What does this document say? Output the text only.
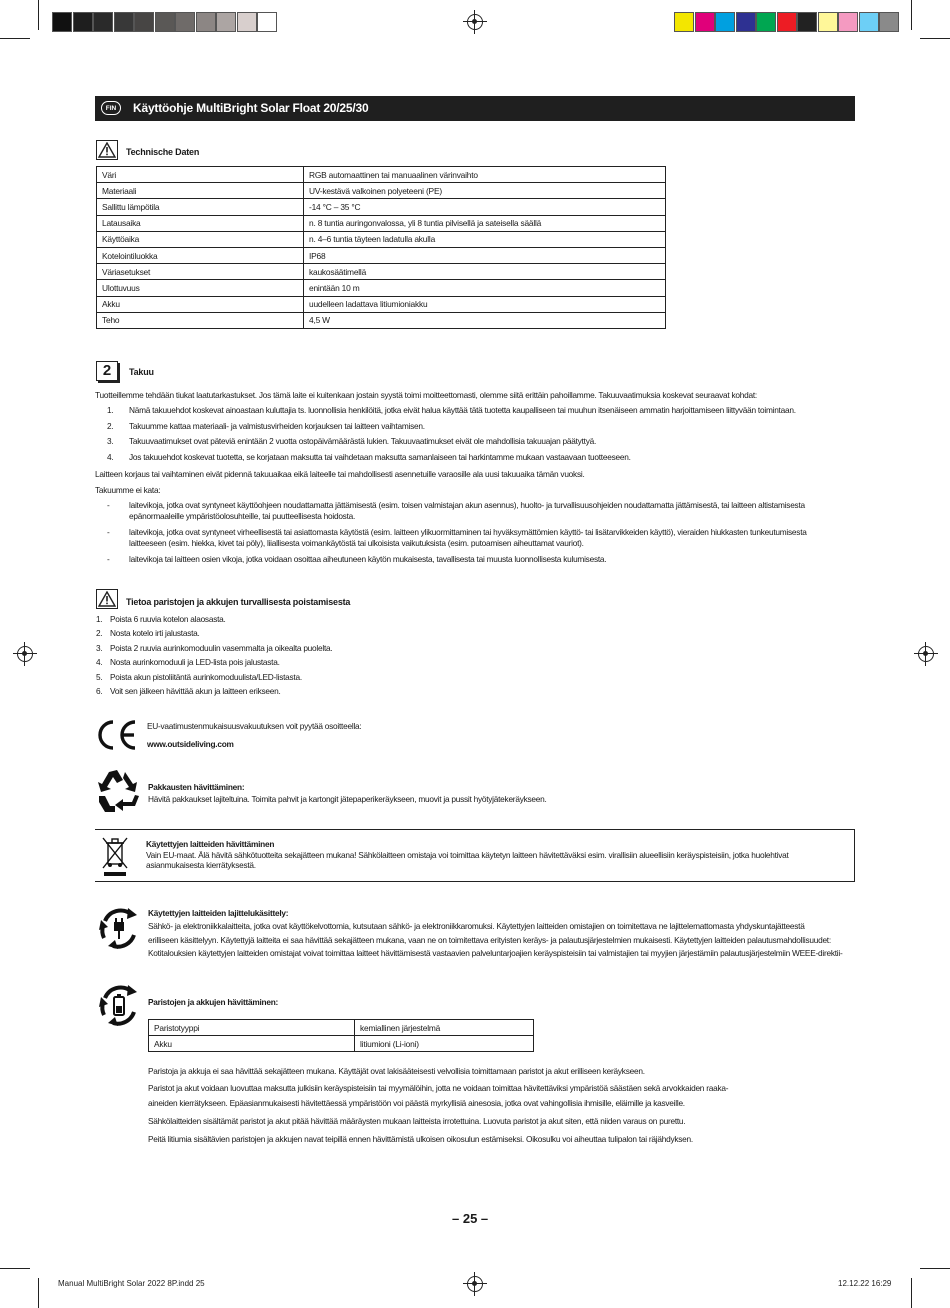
FIN	Käyttöohje MultiBright Solar Float 20/25/30
Technische Daten
Väri	RGB automaattinen tai manuaalinen värinvaihto
Materiaali	UV-kestävä valkoinen polyeteeni (PE)
Sallittu lämpötila	-14 °C – 35 °C
Latausaika	n. 8 tuntia auringonvalossa, yli 8 tuntia pilvisellä ja sateisella säällä
Käyttöaika	n. 4–6 tuntia täyteen ladatulla akulla
Kotelointiluokka	IP68
Väriasetukset	kaukosäätimellä
Ulottuvuus	enintään 10 m
Akku	uudelleen ladattava litiumioniakku
Teho	4,5 W
2	Takuu
Tuotteillemme tehdään tiukat laatutarkastukset. Jos tämä laite ei kuitenkaan jostain syystä toimi moitteettomasti, olemme siitä erittäin pahoillamme. Takuuvaatimuksia koskevat seuraavat kohdat:
1. Nämä takuuehdot koskevat ainoastaan kuluttajia ts. luonnollisia henkilöitä, jotka eivät halua käyttää tätä tuotetta kaupalliseen tai muuhun itsenäiseen ammatin harjoittamiseen liittyvään toimintaan.
2. Takuumme kattaa materiaali- ja valmistusvirheiden korjauksen tai laitteen vaihtamisen.
3. Takuuvaatimukset ovat päteviä enintään 2 vuotta ostopäivämäärästä lukien. Takuuvaatimukset eivät ole mahdollisia takuuajan päätyttyä.
4. Jos takuuehdot koskevat tuotetta, se korjataan maksutta tai vaihdetaan maksutta samanlaiseen tai harkintamme mukaan vastaavaan tuotteeseen.
Laitteen korjaus tai vaihtaminen eivät pidennä takuuaikaa eikä laiteelle tai mahdollisesti asennetuille varaosille ala uusi takuuaika tämän vuoksi.
Takuumme ei kata:
- laitevikoja, jotka ovat syntyneet käyttöohjeen noudattamatta jättämisestä (esim. toisen valmistajan akun asennus), huolto- ja turvallisuusohjeiden noudattamatta jättämisestä, tai laitteen altistamisesta
epänormaaleille ympäristöolosuhteille, tai puutteellisesta hoidosta.
- laitevikoja, jotka ovat syntyneet virheellisestä tai asiattomasta käytöstä (esim. laitteen ylikuormittaminen tai hyväksymättömien käyttö- tai lisätarvikkeiden käyttö), vieraiden hiukkasten tunkeutumisesta
laitteeseen (esim. hiekka, kivet tai pöly), liiallisesta voimankäytöstä tai ulkoisista vaikutuksista (esim. putoamisen aiheuttamat vauriot).
- laitevikoja tai laitteen osien vikoja, jotka voidaan osoittaa aiheutuneen käytön mukaisesta, tavallisesta tai muusta luonnollisesta kulumisesta.
Tietoa paristojen ja akkujen turvallisesta poistamisesta
1. Poista 6 ruuvia kotelon alaosasta.
2. Nosta kotelo irti jalustasta.
3. Poista 2 ruuvia aurinkomoduulin vasemmalta ja oikealta puolelta.
4. Nosta aurinkomoduuli ja LED-lista pois jalustasta.
5. Poista akun pistoliitäntä aurinkomoduulista/LED-listasta.
6. Voit sen jälkeen hävittää akun ja laitteen erikseen.
EU-vaatimustenmukaisuusvakuutuksen voit pyytää osoitteella:
www.outsideliving.com
Pakkausten hävittäminen:
Hävitä pakkaukset lajiteltuina. Toimita pahvit ja kartongit jätepaperikeräykseen, muovit ja pussit hyötyjätekeräykseen.
Käytettyjen laitteiden hävittäminen
Vain EU-maat. Älä hävitä sähkötuotteita sekajätteen mukana! Sähkölaitteen omistaja voi toimittaa käytetyn laitteen hävitettäväksi esim. virallisiin alueellisiin keräyspisteisiin, jotka huolehtivat
asianmukaisesta kierrätyksestä.
Käytettyjen laitteiden lajittelukäsittely:
Sähkö- ja elektroniikkalaitteita, jotka ovat käyttökelvottomia, kutsutaan sähkö- ja elektroniikkaromuksi. Käytettyjen laitteiden omistajien on toimitettava ne lajittelemattomasta yhdyskuntajätteestä
erilliseen käsittelyyn. Käytettyjä laitteita ei saa hävittää sekajätteen mukana, vaan ne on toimitettava erityisten keräys- ja palautusjärjestelmien mukaisesti. Käytettyjen laitteiden palautusmahdollisuudet:
Kotitalouksien käytettyjen laitteiden omistajat voivat toimittaa laitteet hävittämisestä vastaavien palveluntarjoajien keräyspisteisiin tai valmistajien tai myyjien järjestämiin palautusjärjestelmiin WEEE-direktii-
Paristojen ja akkujen hävittäminen:
Paristotyyppi	kemiallinen järjestelmä
Akku	litiumioni (Li-ioni)
Paristoja ja akkuja ei saa hävittää sekajätteen mukana. Käyttäjät ovat lakisääteisesti velvollisia toimittamaan paristot ja akut erilliseen keräykseen.
Paristot ja akut voidaan luovuttaa maksutta julkisiin keräyspisteisiin tai myymälöihin, jotta ne voidaan toimittaa hävitettäviksi ympäristöä säästäen sekä arvokkaiden raaka-
aineiden kierrätykseen. Epäasianmukaisesti hävitettäessä ympäristöön voi päästä myrkyllisiä ainesosia, jotka ovat vahingollisia ihmisille, eläimille ja kasveille.
Sähkölaitteiden sisältämät paristot ja akut pitää hävittää määräysten mukaan laitteista irrotettuina. Luovuta paristot ja akut siten, että niiden varaus on purettu.
Peitä litiumia sisältävien paristojen ja akkujen navat teipillä ennen hävittämistä ulkoisen oikosulun estämiseksi. Oikosulku voi aiheuttaa tulipalon tai räjähdyksen.
– 25 –
Manual MultiBright Solar 2022 8P.indd 25	12.12.22 16:29
